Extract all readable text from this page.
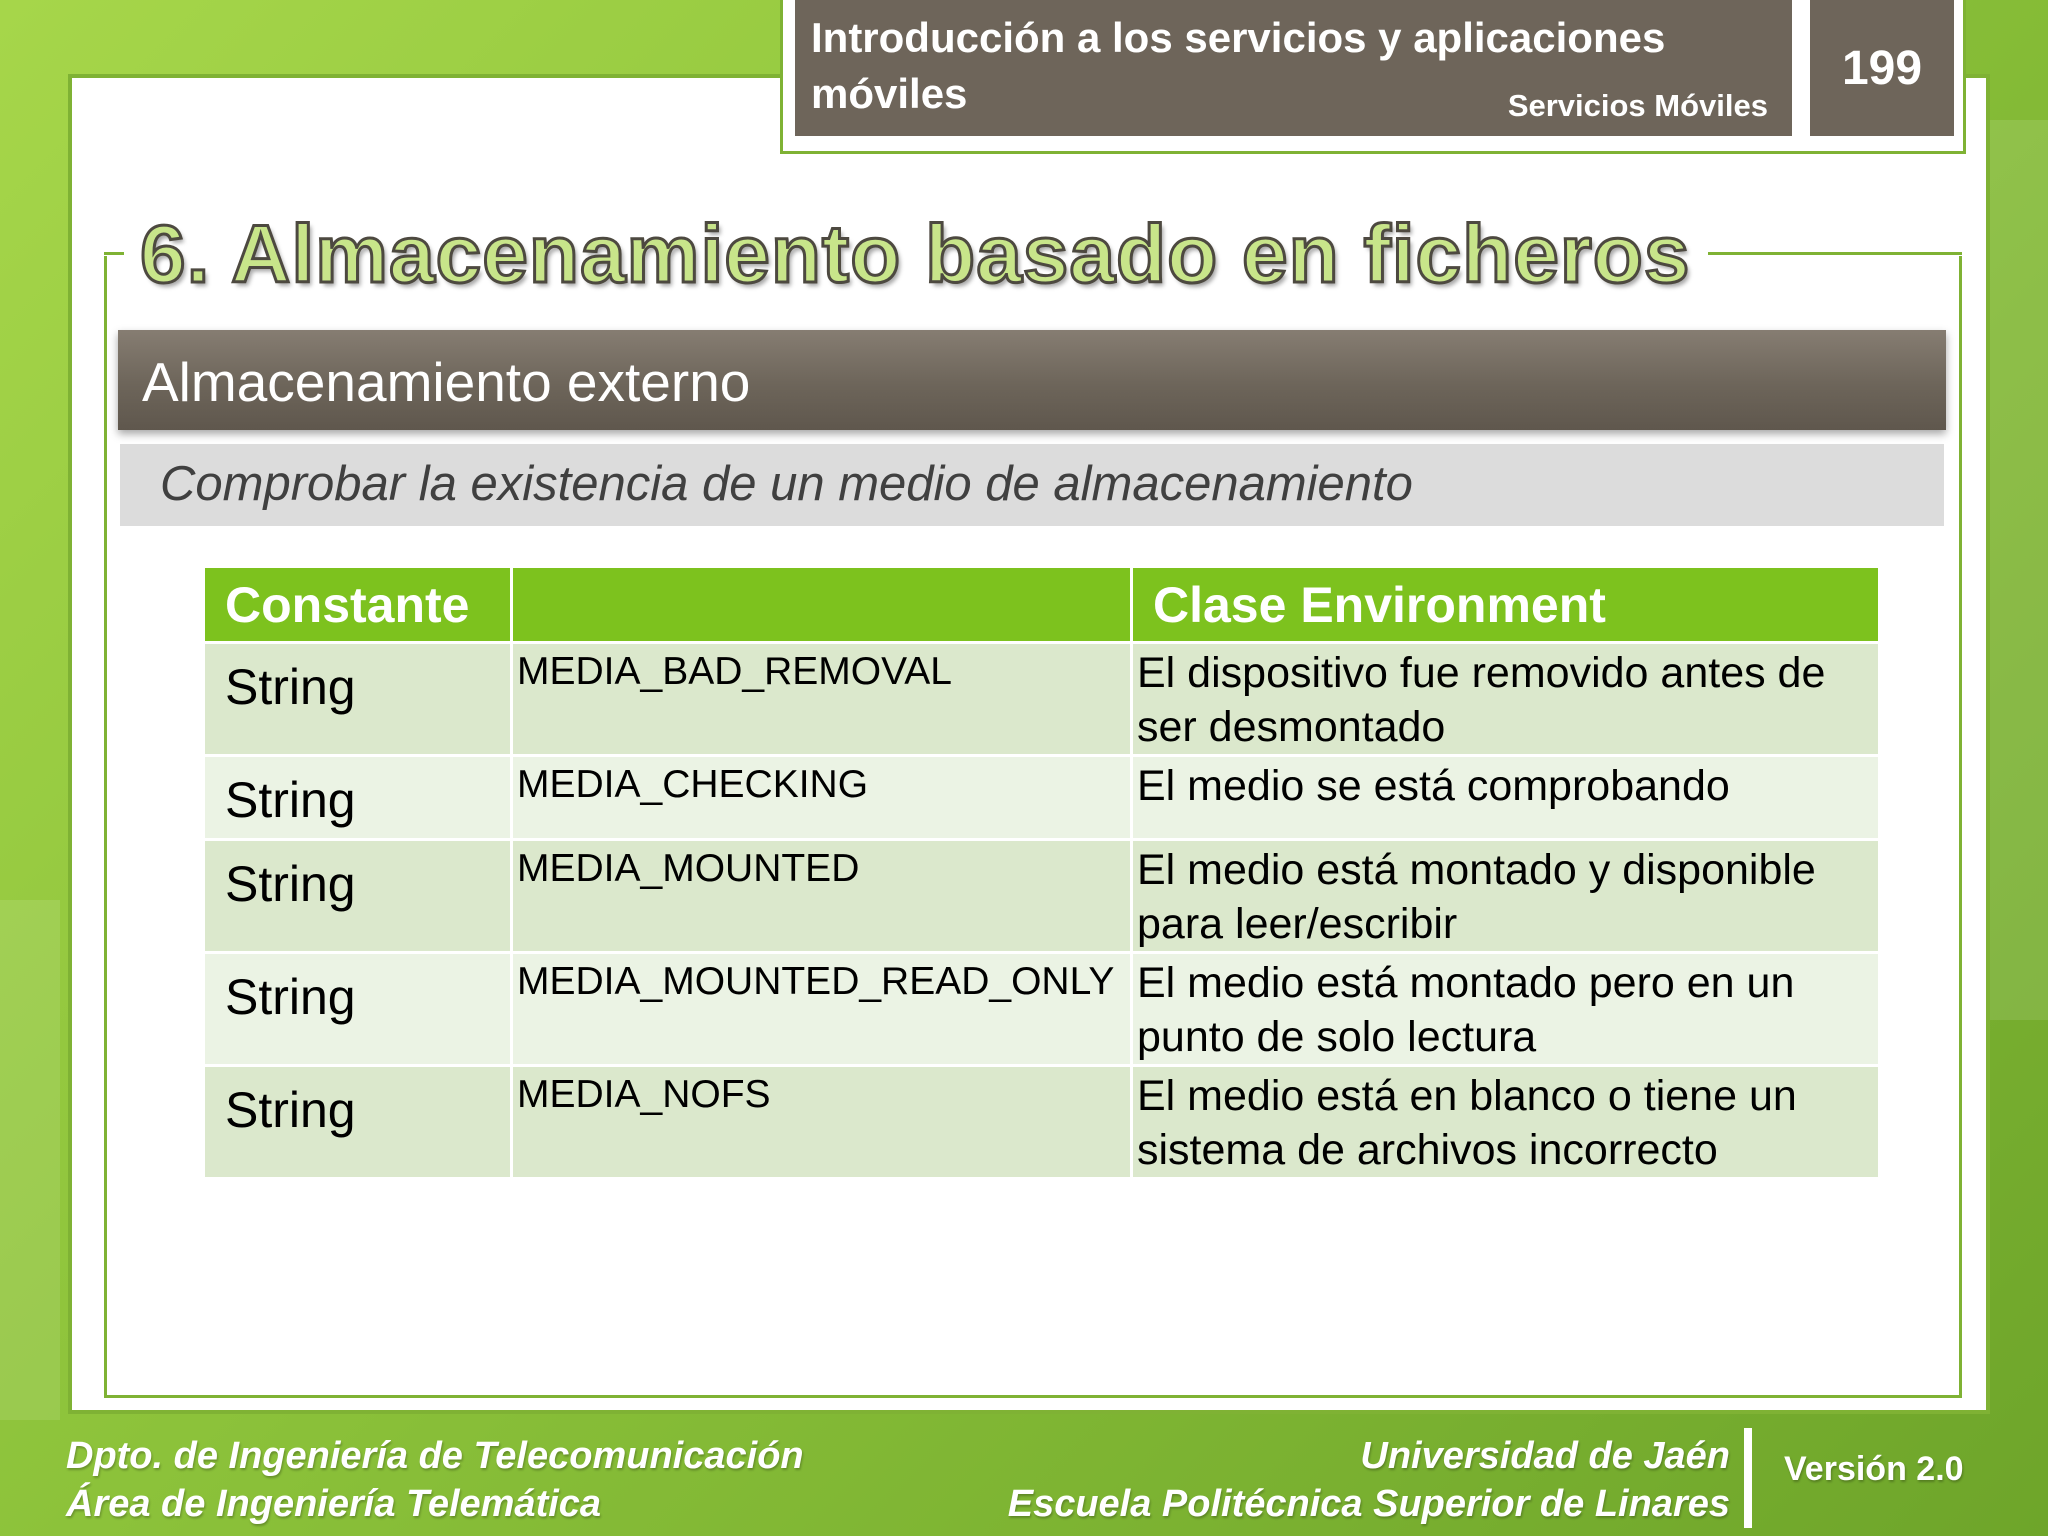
Introducción a los servicios y aplicaciones móviles	Servicios Móviles
199
6. Almacenamiento basado en ficheros
Almacenamiento externo
Comprobar la existencia de un medio de almacenamiento
Constante		Clase Environment
String	MEDIA_BAD_REMOVAL	El dispositivo fue removido antes de ser desmontado
String	MEDIA_CHECKING	El medio se está comprobando
String	MEDIA_MOUNTED	El medio está montado y disponible para leer/escribir
String	MEDIA_MOUNTED_READ_ONLY	El medio está montado pero en un punto de solo lectura
String	MEDIA_NOFS	El medio está en blanco o tiene un sistema de archivos incorrecto
Dpto. de Ingeniería de Telecomunicación
Área de Ingeniería Telemática
Universidad de Jaén
Escuela Politécnica Superior de Linares
Versión 2.0
